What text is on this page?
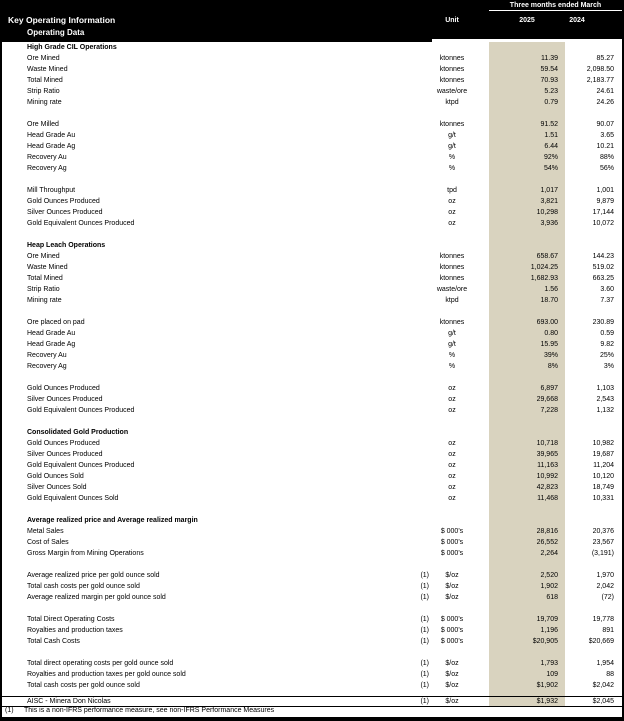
Three months ended March
Key Operating Information	Unit	2025	2024
Operating Data
High Grade CIL Operations
Ore Mined	ktonnes	11.39	85.27
Waste Mined	ktonnes	59.54	2,098.50
Total Mined	ktonnes	70.93	2,183.77
Strip Ratio	waste/ore	5.23	24.61
Mining rate	ktpd	0.79	24.26
Ore Milled	ktonnes	91.52	90.07
Head Grade Au	g/t	1.51	3.65
Head Grade Ag	g/t	6.44	10.21
Recovery Au	%	92%	88%
Recovery Ag	%	54%	56%
Mill Throughput	tpd	1,017	1,001
Gold Ounces Produced	oz	3,821	9,879
Silver Ounces Produced	oz	10,298	17,144
Gold Equivalent Ounces Produced	oz	3,936	10,072
Heap Leach Operations
Ore Mined	ktonnes	658.67	144.23
Waste Mined	ktonnes	1,024.25	519.02
Total Mined	ktonnes	1,682.93	663.25
Strip Ratio	waste/ore	1.56	3.60
Mining rate	ktpd	18.70	7.37
Ore placed on pad	ktonnes	693.00	230.89
Head Grade Au	g/t	0.80	0.59
Head Grade Ag	g/t	15.95	9.82
Recovery Au	%	39%	25%
Recovery Ag	%	8%	3%
Gold Ounces Produced	oz	6,897	1,103
Silver Ounces Produced	oz	29,668	2,543
Gold Equivalent Ounces Produced	oz	7,228	1,132
Consolidated Gold Production
Gold Ounces Produced	oz	10,718	10,982
Silver Ounces Produced	oz	39,965	19,687
Gold Equivalent Ounces Produced	oz	11,163	11,204
Gold Ounces Sold	oz	10,992	10,120
Silver Ounces Sold	oz	42,823	18,749
Gold Equivalent Ounces Sold	oz	11,468	10,331
Average realized price and Average realized margin
Metal Sales	$ 000's	28,816	20,376
Cost of Sales	$ 000's	26,552	23,567
Gross Margin from Mining Operations	$ 000's	2,264	(3,191)
Average realized price per gold ounce sold	(1)	$/oz	2,520	1,970
Total cash costs per gold ounce sold	(1)	$/oz	1,902	2,042
Average realized margin per gold ounce sold	(1)	$/oz	618	(72)
Total Direct Operating Costs	(1)	$ 000's	19,709	19,778
Royalties and production taxes	(1)	$ 000's	1,196	891
Total Cash Costs	(1)	$ 000's	$20,905	$20,669
Total direct operating costs per gold ounce sold	(1)	$/oz	1,793	1,954
Royalties and production taxes per gold ounce sold	(1)	$/oz	109	88
Total cash costs per gold ounce sold	(1)	$/oz	$1,902	$2,042
AISC - Minera Don Nicolas	(1)	$/oz	$1,932	$2,045
(1)	This is a non-IFRS performance measure, see non-IFRS Performance Measures
